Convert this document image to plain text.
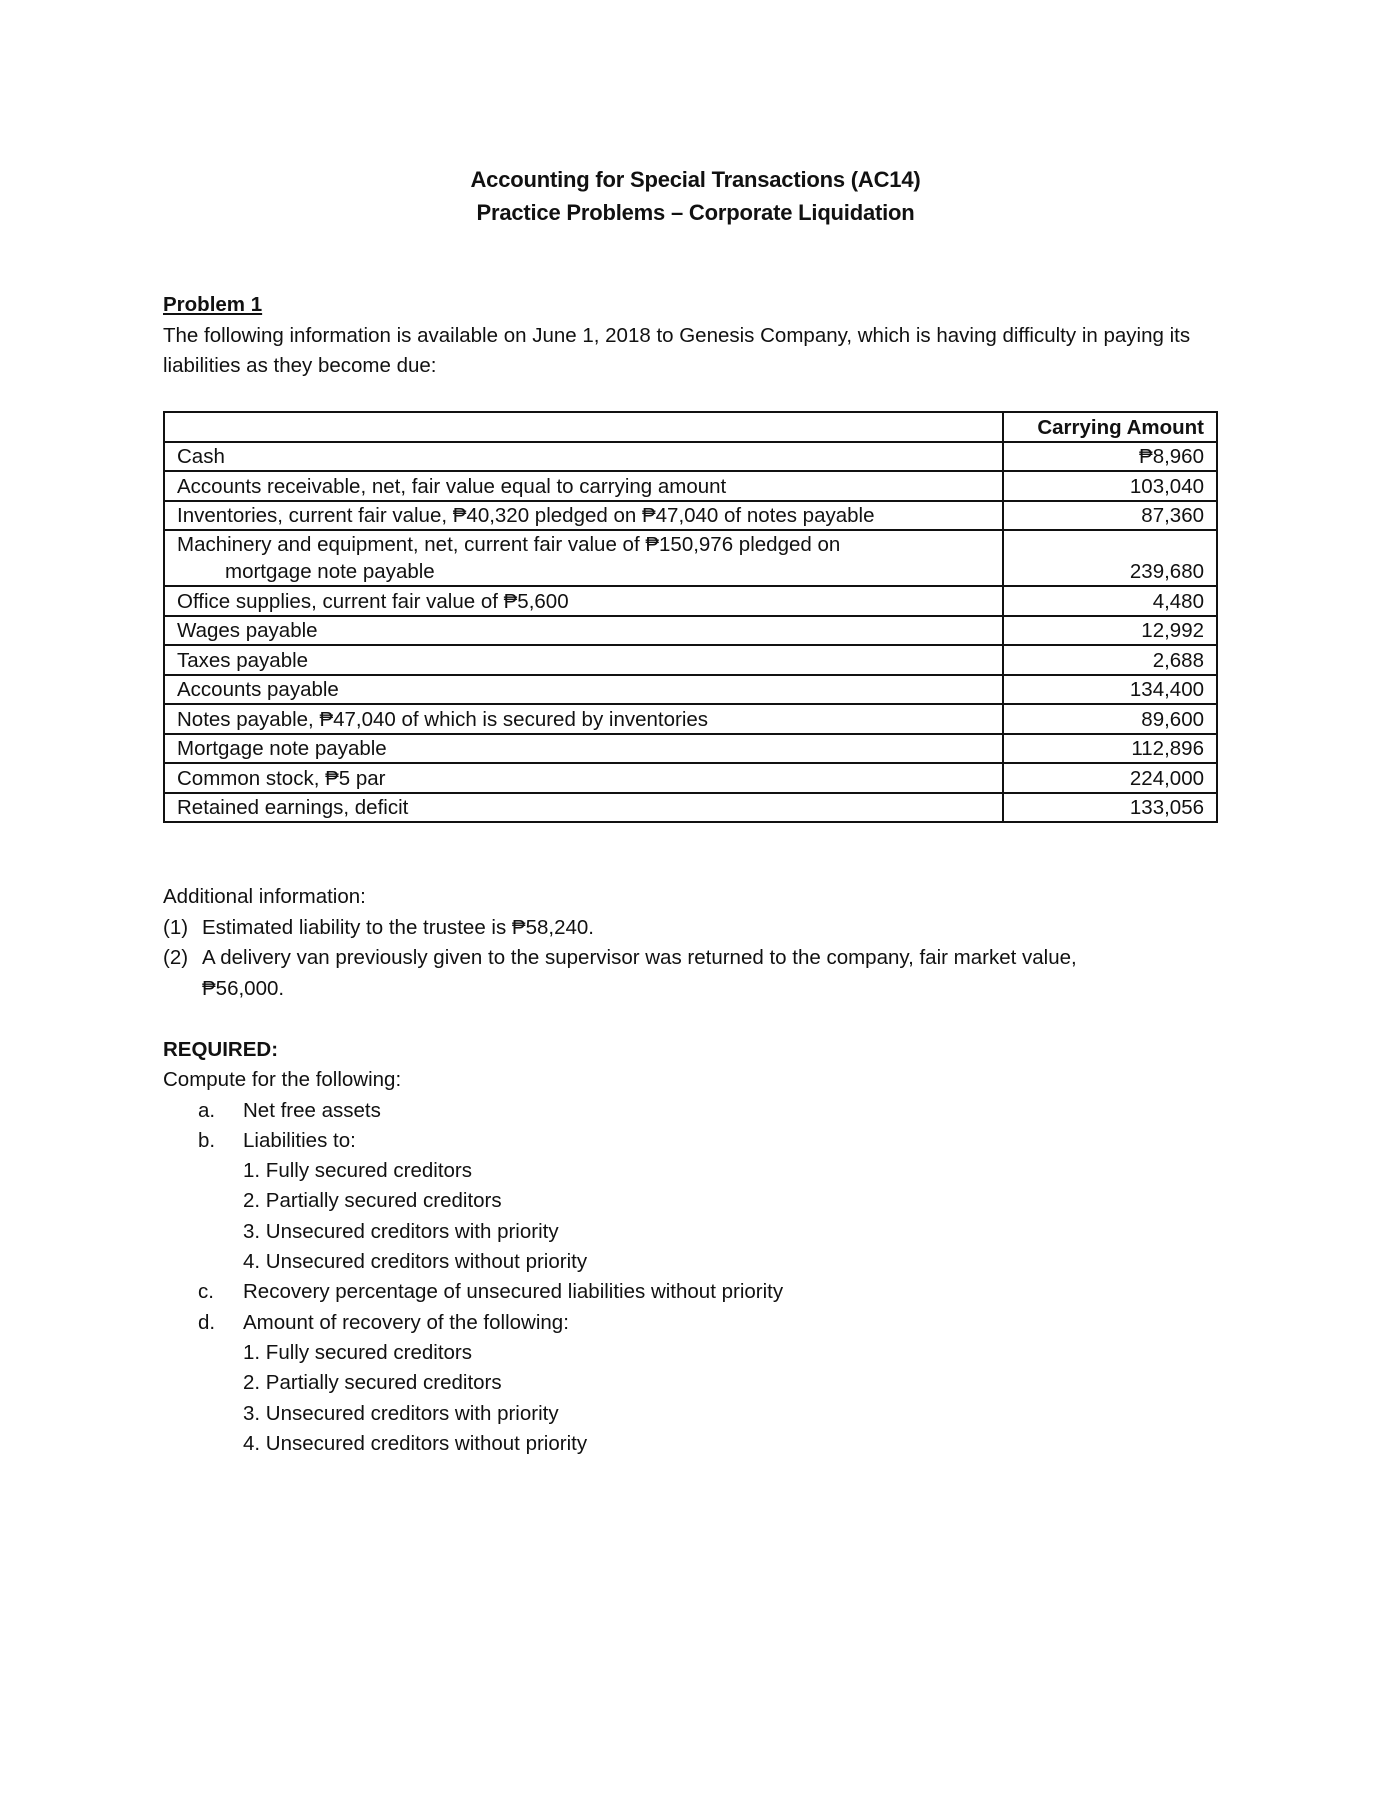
Accounting for Special Transactions (AC14)
Practice Problems – Corporate Liquidation
Problem 1

The following information is available on June 1, 2018 to Genesis Company, which is having difficulty in paying its liabilities as they become due:

	Carrying Amount
Cash	₱8,960
Accounts receivable, net, fair value equal to carrying amount	103,040
Inventories, current fair value, ₱40,320 pledged on ₱47,040 of notes payable	87,360

Machinery and equipment, net, current fair value of ₱150,976 pledged on
mortgage note payable	239,680
Office supplies, current fair value of ₱5,600	4,480
Wages payable	12,992
Taxes payable	2,688
Accounts payable	134,400
Notes payable, ₱47,040 of which is secured by inventories	89,600
Mortgage note payable	112,896
Common stock, ₱5 par	224,000
Retained earnings, deficit	133,056
Additional information:
(1) Estimated liability to the trustee is ₱58,240.
(2) A delivery van previously given to the supervisor was returned to the company, fair market value,
₱56,000.
REQUIRED:
Compute for the following:
a.	Net free assets
b.	Liabilities to:
1. Fully secured creditors
2. Partially secured creditors
3. Unsecured creditors with priority
4. Unsecured creditors without priority
c.	Recovery percentage of unsecured liabilities without priority
d.	Amount of recovery of the following:
1. Fully secured creditors
2. Partially secured creditors
3. Unsecured creditors with priority
4. Unsecured creditors without priority
